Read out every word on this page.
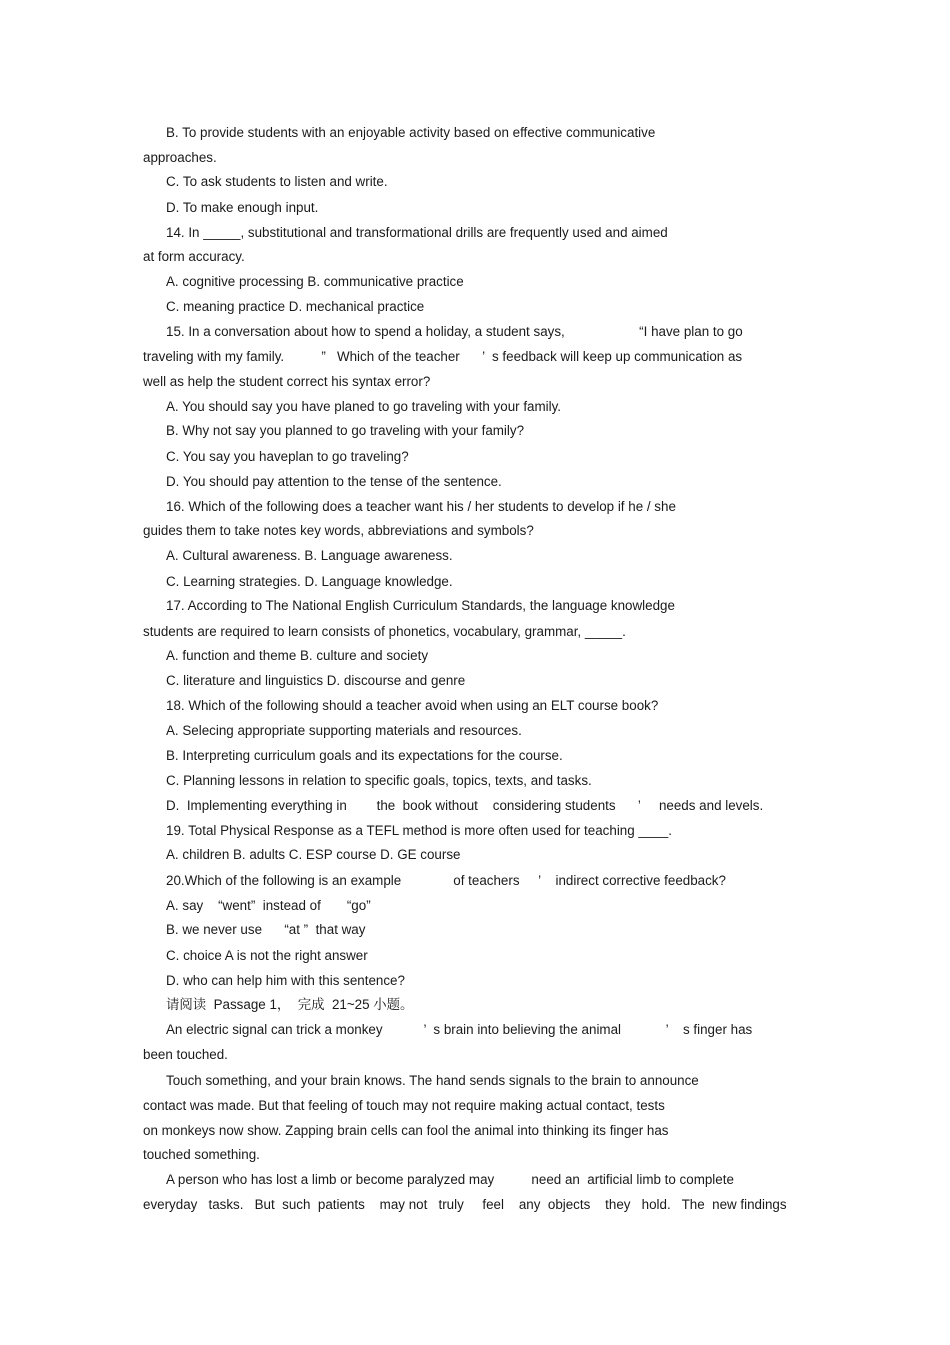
B. To provide students with an enjoyable activity based on effective communicative

approaches.

C. To ask students to listen and write.

D. To make enough input.

14. In _____, substitutional and transformational drills are frequently used and aimed

at form accuracy.

A. cognitive processing B. communicative practice

C. meaning practice D. mechanical practice

15. In a conversation about how to spend a holiday, a student says,                    “I have plan to go

traveling with my family.          ”   Which of the teacher      ’  s feedback will keep up communication as

well as help the student correct his syntax error?

A. You should say you have planed to go traveling with your family.

B. Why not say you planned to go traveling with your family?

C. You say you haveplan to go traveling?

D. You should pay attention to the tense of the sentence.

16. Which of the following does a teacher want his / her students to develop if he / she

guides them to take notes key words, abbreviations and symbols?

A. Cultural awareness. B. Language awareness.

C. Learning strategies. D. Language knowledge.

17. According to The National English Curriculum Standards, the language knowledge

students are required to learn consists of phonetics, vocabulary, grammar, _____.

A. function and theme B. culture and society

C. literature and linguistics D. discourse and genre

18. Which of the following should a teacher avoid when using an ELT course book?

A. Selecing appropriate supporting materials and resources.

B. Interpreting curriculum goals and its expectations for the course.

C. Planning lessons in relation to specific goals, topics, texts, and tasks.

D.  Implementing everything in        the  book without    considering students      ’     needs and levels.

19. Total Physical Response as a TEFL method is more often used for teaching ____.

A. children B. adults C. ESP course D. GE course

20.Which of the following is an example              of teachers     ’    indirect corrective feedback?

A. say    “went”  instead of       “go”

B. we never use      “at ”  that way

C. choice A is not the right answer

D. who can help him with this sentence?

请阅读  Passage 1，  完成  21~25 小题。

An electric signal can trick a monkey           ’  s brain into believing the animal            ’    s finger has

been touched.

Touch something, and your brain knows. The hand sends signals to the brain to announce

contact was made. But that feeling of touch may not require making actual contact, tests

on monkeys now show. Zapping brain cells can fool the animal into thinking its finger has

touched something.

A person who has lost a limb or become paralyzed may          need an  artificial limb to complete

everyday   tasks.   But  such  patients    may not   truly     feel    any  objects    they   hold.   The  new findings
